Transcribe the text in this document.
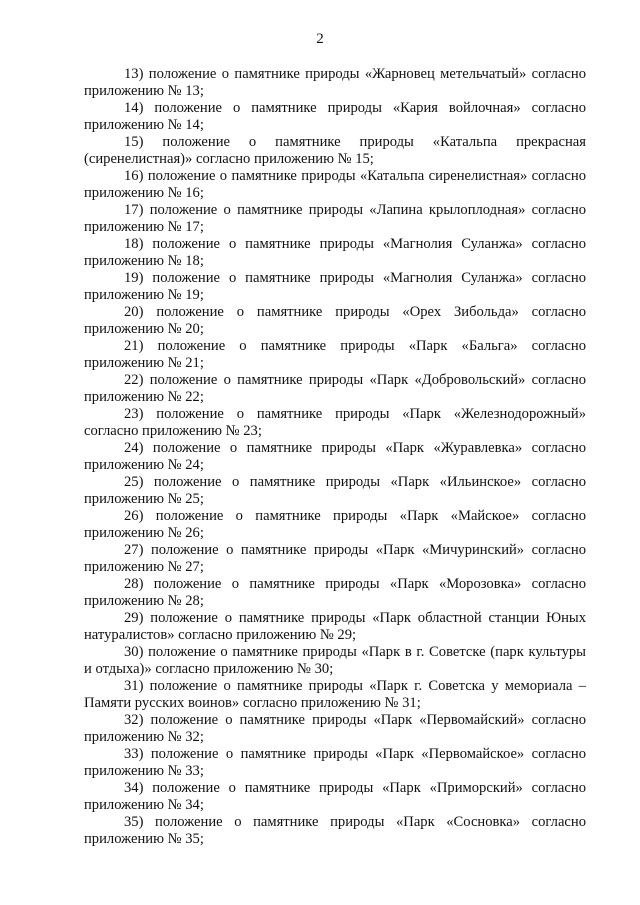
2

13) положение о памятнике природы «Жарновец метельчатый» согласно приложению № 13;

14) положение о памятнике природы «Кария войлочная» согласно приложению № 14;

15) положение о памятнике природы «Катальпа прекрасная (сиренелистная)» согласно приложению № 15;

16) положение о памятнике природы «Катальпа сиренелистная» согласно приложению № 16;

17) положение о памятнике природы «Лапина крылоплодная» согласно приложению № 17;

18) положение о памятнике природы «Магнолия Суланжа» согласно приложению № 18;

19) положение о памятнике природы «Магнолия Суланжа» согласно приложению № 19;

20) положение о памятнике природы «Орех Зибольда» согласно приложению № 20;

21) положение о памятнике природы «Парк «Бальга» согласно приложению № 21;

22) положение о памятнике природы «Парк «Добровольский» согласно приложению № 22;

23) положение о памятнике природы «Парк «Железнодорожный» согласно приложению № 23;

24) положение о памятнике природы «Парк «Журавлевка» согласно приложению № 24;

25) положение о памятнике природы «Парк «Ильинское» согласно приложению № 25;

26) положение о памятнике природы «Парк «Майское» согласно приложению № 26;

27) положение о памятнике природы «Парк «Мичуринский» согласно приложению № 27;

28) положение о памятнике природы «Парк «Морозовка» согласно приложению № 28;

29) положение о памятнике природы «Парк областной станции Юных натуралистов» согласно приложению № 29;

30) положение о памятнике природы «Парк в г. Советске (парк культуры и отдыха)» согласно приложению № 30;

31) положение о памятнике природы «Парк г. Советска у мемориала – Памяти русских воинов» согласно приложению № 31;

32) положение о памятнике природы «Парк «Первомайский» согласно приложению № 32;

33) положение о памятнике природы «Парк «Первомайское» согласно приложению № 33;

34) положение о памятнике природы «Парк «Приморский» согласно приложению № 34;

35) положение о памятнике природы «Парк «Сосновка» согласно приложению № 35;
